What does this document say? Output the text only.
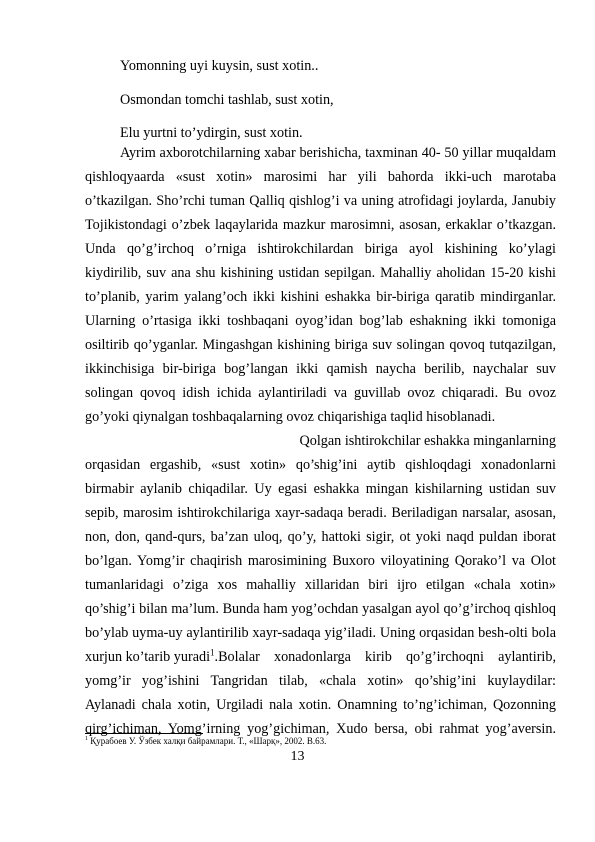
Yomonning uyi kuysin, sust xotin..
Osmondan tomchi tashlab, sust xotin,
Elu yurtni to’ydirgin, sust xotin.
Ayrim axborotchilarning xabar berishicha, taxminan 40- 50 yillar muqaldam
qishloqyaarda «sust xotin» marosimi har yili bahorda ikki-uch marotaba
o’tkazilgan. Sho’rchi tuman Qalliq qishlog’i va uning atrofidagi joylarda, Janubiy
Tojikistondagi o’zbek laqaylarida mazkur marosimni, asosan, erkaklar o’tkazgan.
Unda qo’g’irchoq o’rniga ishtirokchilardan biriga ayol kishining ko’ylagi
kiydirilib, suv ana shu kishining ustidan sepilgan. Mahalliy aholidan 15-20 kishi
to’planib, yarim yalang’och ikki kishini eshakka bir-biriga qaratib mindirganlar.
Ularning o’rtasiga ikki toshbaqani oyog’idan bog’lab eshakning ikki tomoniga
osiltirib qo’yganlar. Mingashgan kishining biriga suv solingan qovoq tutqazilgan,
ikkinchisiga bir-biriga bog’langan ikki qamish naycha berilib, naychalar suv
solingan qovoq idish ichida aylantiriladi va guvillab ovoz chiqaradi. Bu ovoz
go’yoki qiynalgan toshbaqalarning ovoz chiqarishiga taqlid hisoblanadi.
Qolgan ishtirokchilar eshakka minganlarning
orqasidan ergashib, «sust xotin» qo’shig’ini aytib qishloqdagi xonadonlarni
birmabir aylanib chiqadilar. Uy egasi eshakka mingan kishilarning ustidan suv
sepib, marosim ishtirokchilariga xayr-sadaqa beradi. Beriladigan narsalar, asosan,
non, don, qand-qurs, ba’zan uloq, qo’y, hattoki sigir, ot yoki naqd puldan iborat
bo’lgan. Yomg’ir chaqirish marosimining Buxoro viloyatining Qorako’l va Olot
tumanlaridagi o’ziga xos mahalliy xillaridan biri ijro etilgan «chala xotin»
qo’shig’i bilan ma’lum. Bunda ham yog’ochdan yasalgan ayol qo’g’irchoq qishloq
bo’ylab uyma-uy aylantirilib xayr-sadaqa yig’iladi. Uning orqasidan besh-olti bola
xurjun ko’tarib yuradi$^1$. Bolalar xonadonlarga kirib qo’g’irchoqni aylantirib,
yomg’ir yog’ishini Tangridan tilab, «chala xotin» qo’shig’ini kuylaydilar:
Aylanadi chala xotin, Urgiladi nala xotin. Onamning to’ng’ichiman, Qozonning
qirg’ichiman, Yomg’irning yog’gichiman, Xudo bersa, obi rahmat yog’aversin.
$^1$ Қурабоев У. Ўзбек халқи байрамлари. Т., «Шарқ», 2002. B.63.
13
